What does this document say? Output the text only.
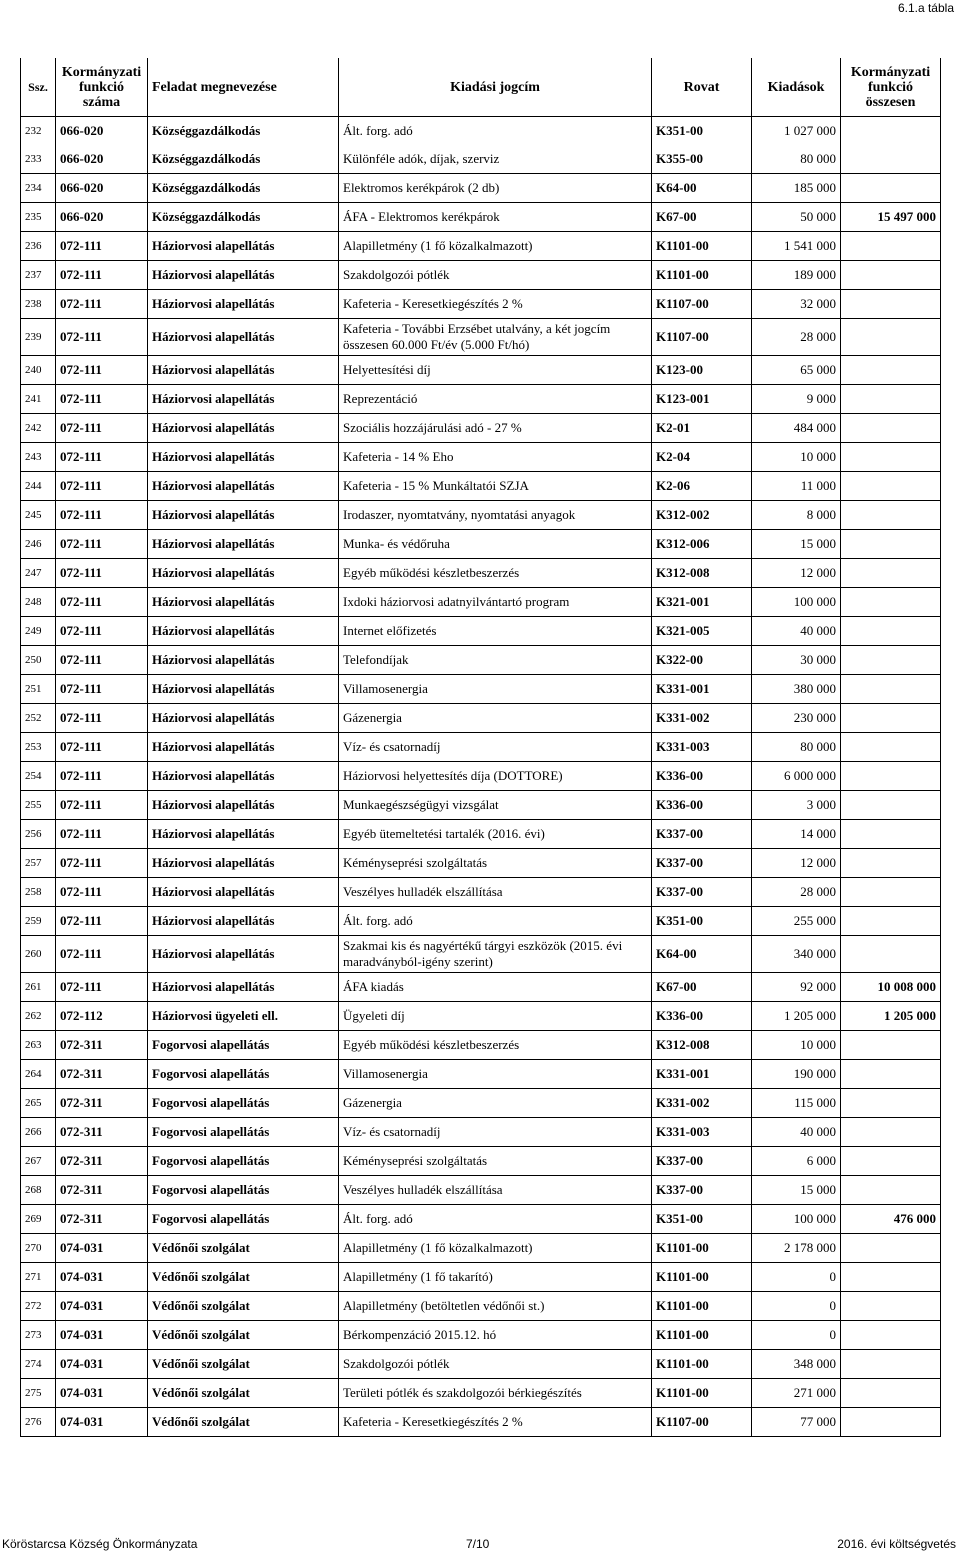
6.1.a tábla
Ssz.	Kormányzati funkció száma	Feladat megnevezése	Kiadási jogcím	Rovat	Kiadások	Kormányzati funkció összesen
232	066-020	Községgazdálkodás	Ált. forg. adó	K351-00	1 027 000	
233	066-020	Községgazdálkodás	Különféle adók, díjak, szerviz	K355-00	80 000	
234	066-020	Községgazdálkodás	Elektromos kerékpárok (2 db)	K64-00	185 000	
235	066-020	Községgazdálkodás	ÁFA - Elektromos kerékpárok	K67-00	50 000	15 497 000
236	072-111	Háziorvosi alapellátás	Alapilletmény (1 fő közalkalmazott)	K1101-00	1 541 000	
237	072-111	Háziorvosi alapellátás	Szakdolgozói pótlék	K1101-00	189 000	
238	072-111	Háziorvosi alapellátás	Kafeteria - Keresetkiegészítés 2 %	K1107-00	32 000	
239	072-111	Háziorvosi alapellátás	Kafeteria - További Erzsébet utalvány, a két jogcím összesen 60.000 Ft/év (5.000 Ft/hó)	K1107-00	28 000	
240	072-111	Háziorvosi alapellátás	Helyettesítési díj	K123-00	65 000	
241	072-111	Háziorvosi alapellátás	Reprezentáció	K123-001	9 000	
242	072-111	Háziorvosi alapellátás	Szociális hozzájárulási adó - 27 %	K2-01	484 000	
243	072-111	Háziorvosi alapellátás	Kafeteria - 14 % Eho	K2-04	10 000	
244	072-111	Háziorvosi alapellátás	Kafeteria - 15 % Munkáltatói SZJA	K2-06	11 000	
245	072-111	Háziorvosi alapellátás	Irodaszer, nyomtatvány, nyomtatási anyagok	K312-002	8 000	
246	072-111	Háziorvosi alapellátás	Munka- és védőruha	K312-006	15 000	
247	072-111	Háziorvosi alapellátás	Egyéb működési készletbeszerzés	K312-008	12 000	
248	072-111	Háziorvosi alapellátás	Ixdoki háziorvosi adatnyilvántartó program	K321-001	100 000	
249	072-111	Háziorvosi alapellátás	Internet előfizetés	K321-005	40 000	
250	072-111	Háziorvosi alapellátás	Telefondíjak	K322-00	30 000	
251	072-111	Háziorvosi alapellátás	Villamosenergia	K331-001	380 000	
252	072-111	Háziorvosi alapellátás	Gázenergia	K331-002	230 000	
253	072-111	Háziorvosi alapellátás	Víz- és csatornadíj	K331-003	80 000	
254	072-111	Háziorvosi alapellátás	Háziorvosi helyettesítés díja (DOTTORE)	K336-00	6 000 000	
255	072-111	Háziorvosi alapellátás	Munkaegészségügyi vizsgálat	K336-00	3 000	
256	072-111	Háziorvosi alapellátás	Egyéb ütemeltetési tartalék (2016. évi)	K337-00	14 000	
257	072-111	Háziorvosi alapellátás	Kéményseprési szolgáltatás	K337-00	12 000	
258	072-111	Háziorvosi alapellátás	Veszélyes hulladék elszállítása	K337-00	28 000	
259	072-111	Háziorvosi alapellátás	Ált. forg. adó	K351-00	255 000	
260	072-111	Háziorvosi alapellátás	Szakmai kis és nagyértékű tárgyi eszközök (2015. évi maradványból-igény szerint)	K64-00	340 000	
261	072-111	Háziorvosi alapellátás	ÁFA kiadás	K67-00	92 000	10 008 000
262	072-112	Háziorvosi ügyeleti ell.	Ügyeleti díj	K336-00	1 205 000	1 205 000
263	072-311	Fogorvosi alapellátás	Egyéb működési készletbeszerzés	K312-008	10 000	
264	072-311	Fogorvosi alapellátás	Villamosenergia	K331-001	190 000	
265	072-311	Fogorvosi alapellátás	Gázenergia	K331-002	115 000	
266	072-311	Fogorvosi alapellátás	Víz- és csatornadíj	K331-003	40 000	
267	072-311	Fogorvosi alapellátás	Kéményseprési szolgáltatás	K337-00	6 000	
268	072-311	Fogorvosi alapellátás	Veszélyes hulladék elszállítása	K337-00	15 000	
269	072-311	Fogorvosi alapellátás	Ált. forg. adó	K351-00	100 000	476 000
270	074-031	Védőnői szolgálat	Alapilletmény (1 fő közalkalmazott)	K1101-00	2 178 000	
271	074-031	Védőnői szolgálat	Alapilletmény (1 fő takarító)	K1101-00	0	
272	074-031	Védőnői szolgálat	Alapilletmény (betöltetlen védőnői st.)	K1101-00	0	
273	074-031	Védőnői szolgálat	Bérkompenzáció 2015.12. hó	K1101-00	0	
274	074-031	Védőnői szolgálat	Szakdolgozói pótlék	K1101-00	348 000	
275	074-031	Védőnői szolgálat	Területi pótlék és szakdolgozói bérkiegészítés	K1101-00	271 000	
276	074-031	Védőnői szolgálat	Kafeteria - Keresetkiegészítés 2 %	K1107-00	77 000	
Köröstarcsa Község Önkormányzata	7/10	2016. évi költségvetés
